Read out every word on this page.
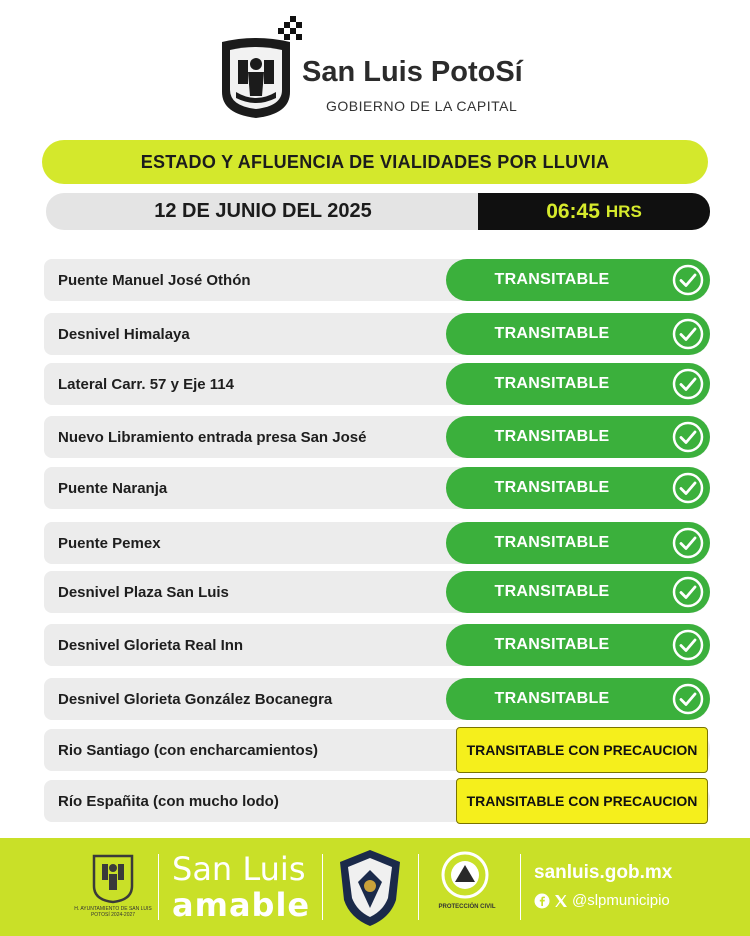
San Luis PotoSí
GOBIERNO DE LA CAPITAL
ESTADO Y AFLUENCIA DE VIALIDADES POR LLUVIA
12 DE JUNIO DEL 2025	06:45 HRS
Puente Manuel José Othón	TRANSITABLE
Desnivel Himalaya	TRANSITABLE
Lateral Carr. 57 y Eje 114	TRANSITABLE
Nuevo Libramiento entrada presa San José	TRANSITABLE
Puente Naranja	TRANSITABLE
Puente Pemex	TRANSITABLE
Desnivel Plaza San Luis	TRANSITABLE
Desnivel Glorieta Real Inn	TRANSITABLE
Desnivel Glorieta González Bocanegra	TRANSITABLE
Rio Santiago (con encharcamientos)	TRANSITABLE CON PRECAUCION
Río Españita (con mucho lodo)	TRANSITABLE CON PRECAUCION
H. AYUNTAMIENTO DE SAN LUIS POTOSÍ 2024-2027
San Luis
amable	PROTECCIÓN CIVIL
sanluis.gob.mx
@slpmunicipio
